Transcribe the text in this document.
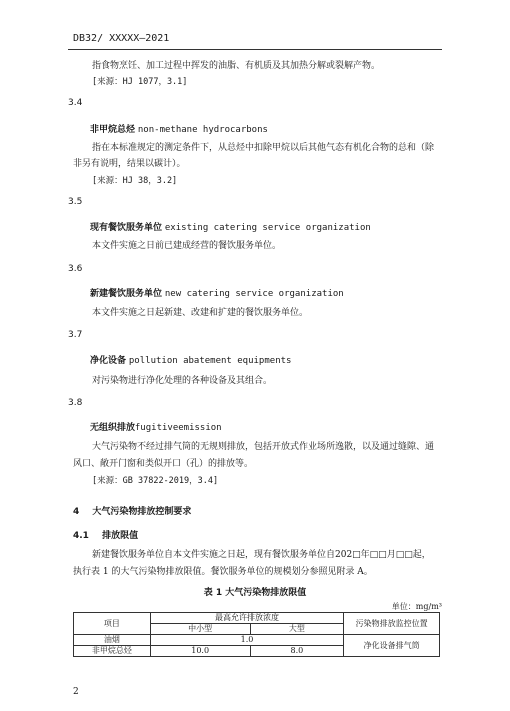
DB32/ XXXXX—2021
指食物烹饪、加工过程中挥发的油脂、有机质及其加热分解或裂解产物。
[来源：HJ 1077，3.1]
3.4
非甲烷总烃 non-methane hydrocarbons
指在本标准规定的测定条件下，从总烃中扣除甲烷以后其他气态有机化合物的总和（除
非另有说明，结果以碳计）。
[来源：HJ 38，3.2]
3.5
现有餐饮服务单位 existing catering service organization
本文件实施之日前已建成经营的餐饮服务单位。
3.6
新建餐饮服务单位 new catering service organization
本文件实施之日起新建、改建和扩建的餐饮服务单位。
3.7
净化设备 pollution abatement equipments
对污染物进行净化处理的各种设备及其组合。
3.8
无组织排放 fugitiveemission
大气污染物不经过排气筒的无规则排放，包括开放式作业场所逸散，以及通过缝隙、通
风口、敞开门窗和类似开口（孔）的排放等。
[来源：GB 37822-2019，3.4]
4 大气污染物排放控制要求
4.1 排放限值
新建餐饮服务单位自本文件实施之日起，现有餐饮服务单位自202□年□□月□□起，
执行表 1 的大气污染物排放限值。餐饮服务单位的规模划分参照见附录 A。
表 1 大气污染物排放限值
单位：mg/m³
项目	最高允许排放浓度		污染物排放监控位置
	中小型	大型	
油烟	1.0		净化设备排气筒
非甲烷总烃	10.0	8.0	
2
